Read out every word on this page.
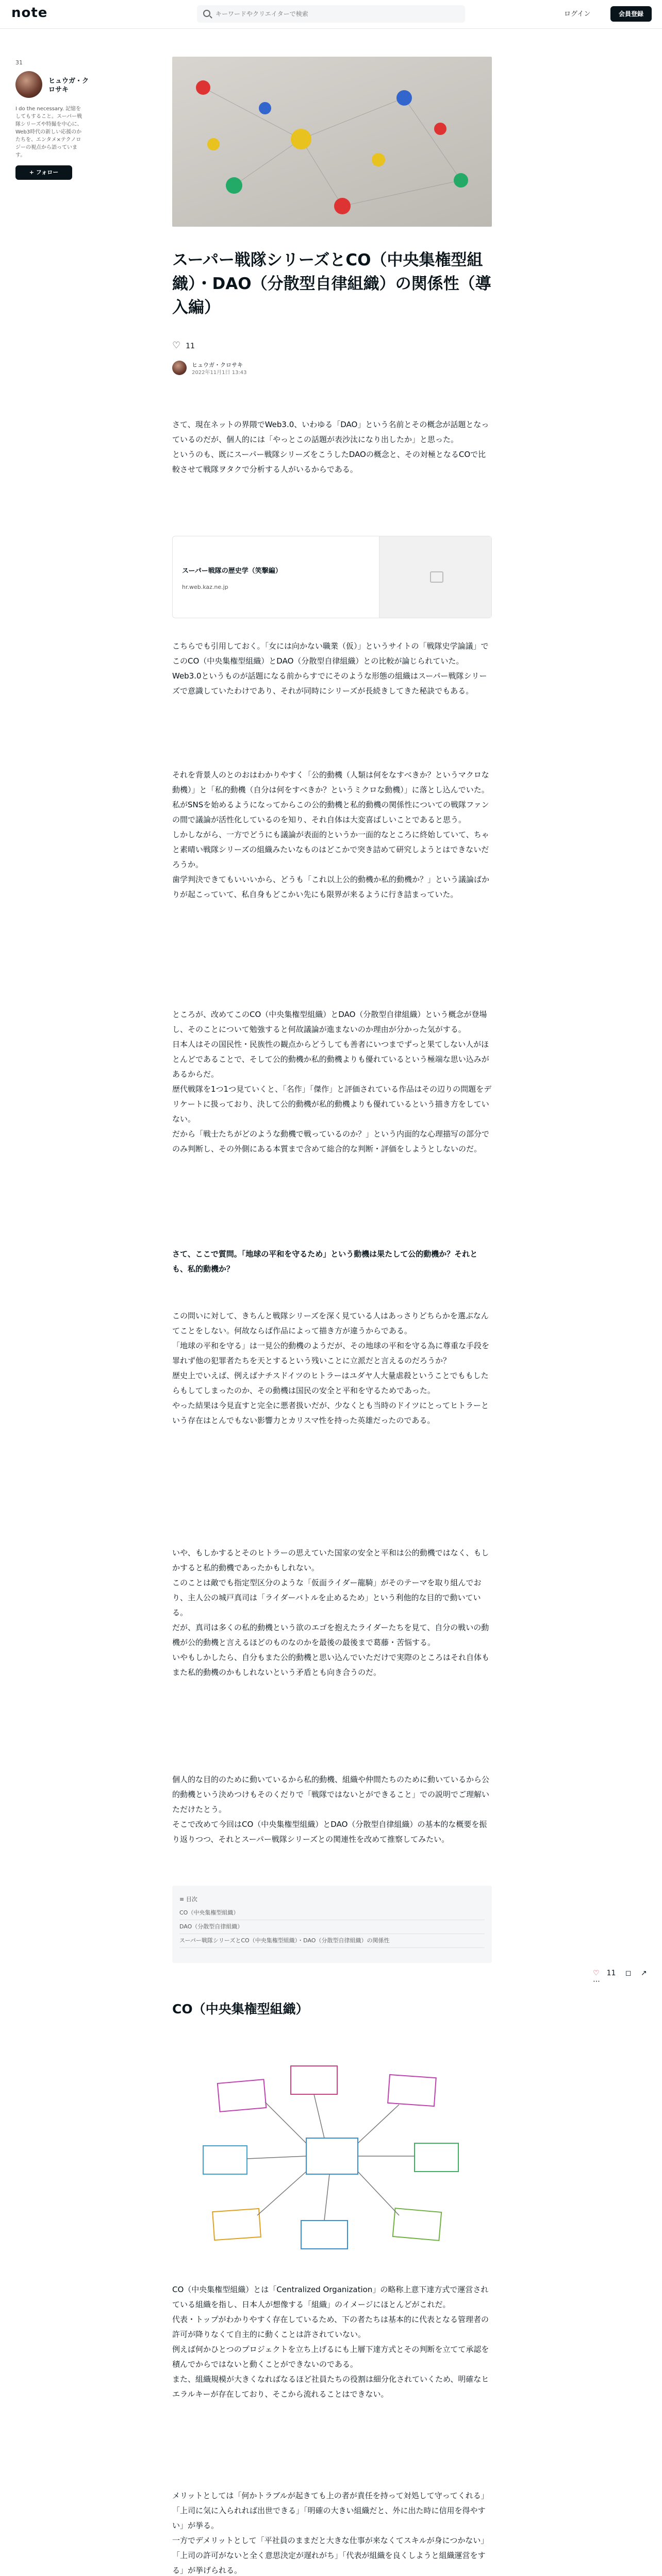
note
キーワードやクリエイターで検索	ログイン	会員登録
31
ヒュウガ・クロサキ
I do the necessary. 記憶をしてもすること。スーパー戦隊シリーズや特撮を中心に、Web3時代の新しい応援のかたちを、エンタメ×テクノロジーの視点から語っています。
+ フォロー
スーパー戦隊シリーズとCO（中央集権型組織）・DAO（分散型自律組織）の関係性（導入編）
♡ 11
ヒュウガ・クロサキ
2022年11月1日 13:43

さて、現在ネットの界隈でWeb3.0、いわゆる「DAO」という名前とその概念が話題となっているのだが、個人的には「やっとこの話題が表沙汰になり出したか」と思った。

というのも、既にスーパー戦隊シリーズをこうしたDAOの概念と、その対極となるCOで比較させて戦隊ヲタクで分析する人がいるからである。

スーパー戦隊の歴史学（笑撃編）
hr.web.kaz.ne.jp

こちらでも引用しておく。「女には向かない職業（仮）」というサイトの「戦隊史学論議」でこのCO（中央集権型組織）とDAO（分散型自律組織）との比較が論じられていた。

Web3.0というものが話題になる前からすでにそのような形態の組織はスーパー戦隊シリーズで意識していたわけであり、それが同時にシリーズが長続きしてきた秘訣でもある。

それを背景人のとのおはわかりやすく「公的動機（人類は何をなすべきか？というマクロな動機）」と「私的動機（自分は何をすべきか？というミクロな動機）」に落とし込んでいた。

私がSNSを始めるようになってからこの公的動機と私的動機の関係性についての戦隊ファンの間で議論が活性化しているのを知り、それ自体は大変喜ばしいことであると思う。

しかしながら、一方でどうにも議論が表面的というか一面的なところに終始していて、ちゃと素晴い戦隊シリーズの組織みたいなものはどこかで突き詰めて研究しようとはできないだろうか。

歯学判決できてもいいいから、どうも「これ以上公的動機か私的動機か？」という議論ばかりが起こっていて、私自身もどこかい先にも限界が来るように行き詰まっていた。

ところが、改めてこのCO（中央集権型組織）とDAO（分散型自律組織）という概念が登場し、そのことについて勉強すると何故議論が進まないのか理由が分かった気がする。

日本人はその国民性・民族性の観点からどうしても善者にいつまでずっと果てしない人がほとんどであることで、そして公的動機か私的動機よりも優れているという極端な思い込みがあるからだ。

歴代戦隊を1つ1つ見ていくと、「名作」「傑作」と評価されている作品はその辺りの問題をデリケートに扱っており、決して公的動機が私的動機よりも優れているという描き方をしていない。

だから「戦士たちがどのような動機で戦っているのか？」という内面的な心理描写の部分でのみ判断し、その外側にある本質まで含めて総合的な判断・評価をしようとしないのだ。

さて、ここで質問。「地球の平和を守るため」という動機は果たして公的動機か？それとも、私的動機か？

この問いに対して、きちんと戦隊シリーズを深く見ている人はあっさりどちらかを選ぶなんてことをしない。何故ならば作品によって描き方が違うからである。

「地球の平和を守る」は一見公的動機のようだが、その地球の平和を守る為に尊重な手段を罪れず他の犯罪者たちを天とするという残いことに立派だと言えるのだろうか？

歴史上でいえば、例えばナチスドイツのヒトラーはユダヤ人大量虐殺ということでももしたらもしてしまったのか、その動機は国民の安全と平和を守るためであった。

やった結果は今見直すと完全に悪者扱いだが、少なくとも当時のドイツにとってヒトラーという存在はとんでもない影響力とカリスマ性を持った英雄だったのである。

いや、もしかするとそのヒトラーの思えていた国家の安全と平和は公的動機ではなく、もしかすると私的動機であったかもしれない。

このことは敵でも指定型区分のような「仮面ライダー龍騎」がそのテーマを取り組んでおり、主人公の城戸真司は「ライダーバトルを止めるため」という利他的な目的で動いている。

だが、真司は多くの私的動機という欲のエゴを抱えたライダーたちを見て、自分の戦いの動機が公的動機と言えるほどのものなのかを最後の最後まで葛藤・苦悩する。

いやもしかしたら、自分もまた公的動機と思い込んでいただけで実際のところはそれ自体もまた私的動機のかもしれないという矛盾とも向き合うのだ。

個人的な目的のために動いているから私的動機、組織や仲間たちのために動いているから公的動機という決めつけもそのくだりで「戦隊ではないとができること」での説明でご理解いただけたとう。

そこで改めて今回はCO（中央集権型組織）とDAO（分散型自律組織）の基本的な概要を振り返りつつ、それとスーパー戦隊シリーズとの関連性を改めて推察してみたい。

≡ 目次
CO（中央集権型組織）
DAO（分散型自律組織）
スーパー戦隊シリーズとCO（中央集権型組織）・DAO（分散型自律組織）の関係性
♡ 11 ◻ ↗ ⋯
CO（中央集権型組織）

CO（中央集権型組織）とは「Centralized Organization」の略称上意下達方式で運営されている組織を指し、日本人が想像する「組織」のイメージにほとんどがこれだ。

代表・トップがわかりやすく存在しているため、下の者たちは基本的に代表となる管理者の許可が降りなくて自主的に動くことは許されていない。

例えば何かひとつのプロジェクトを立ち上げるにも上層下達方式とその判断を立てて承認を積んでからではないと動くことができないのである。

また、組織規模が大きくなればなるほど社員たちの役割は細分化されていくため、明確なヒエラルキーが存在しており、そこから流れることはできない。

メリットとしては「何かトラブルが起きても上の者が責任を持って対処して守ってくれる」「上司に気に入られれば出世できる」「明確の大きい組織だと、外に出た時に信用を得やすい」が挙る。

一方でデメリットとして「平社員のままだと大きな仕事が来なくてスキルが身につかない」「上司の許可がないと全く意思決定が遅れがち」「代表が組織を良くしようと組織運営をする」が挙げられる。
